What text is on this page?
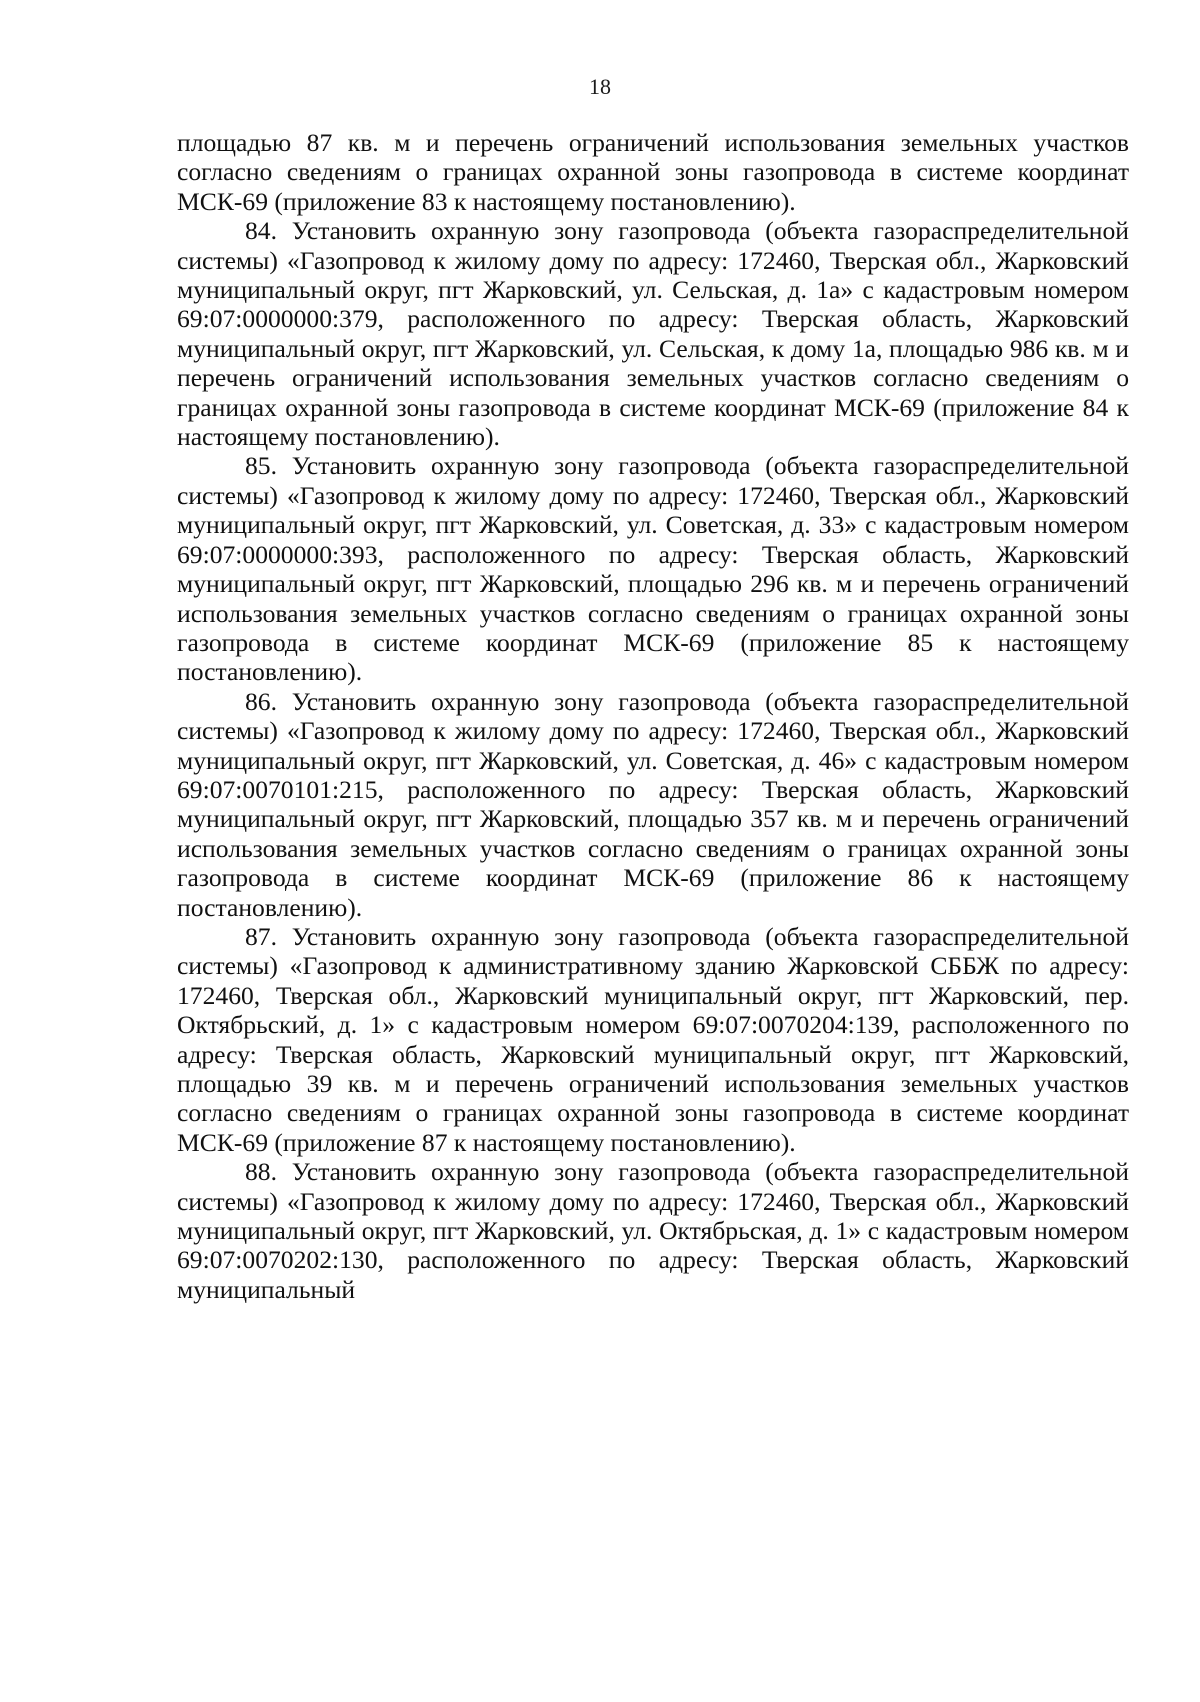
18

площадью 87 кв. м и перечень ограничений использования земельных участков согласно сведениям о границах охранной зоны газопровода в системе координат МСК-69 (приложение 83 к настоящему постановлению).

84. Установить охранную зону газопровода (объекта газораспределительной системы) «Газопровод к жилому дому по адресу: 172460, Тверская обл., Жарковский муниципальный округ, пгт Жарковский, ул. Сельская, д. 1а» с кадастровым номером 69:07:0000000:379, расположенного по адресу: Тверская область, Жарковский муниципальный округ, пгт Жарковский, ул. Сельская, к дому 1а, площадью 986 кв. м и перечень ограничений использования земельных участков согласно сведениям о границах охранной зоны газопровода в системе координат МСК-69 (приложение 84 к настоящему постановлению).

85. Установить охранную зону газопровода (объекта газораспределительной системы) «Газопровод к жилому дому по адресу: 172460, Тверская обл., Жарковский муниципальный округ, пгт Жарковский, ул. Советская, д. 33» с кадастровым номером 69:07:0000000:393, расположенного по адресу: Тверская область, Жарковский муниципальный округ, пгт Жарковский, площадью 296 кв. м и перечень ограничений использования земельных участков согласно сведениям о границах охранной зоны газопровода в системе координат МСК-69 (приложение 85 к настоящему постановлению).

86. Установить охранную зону газопровода (объекта газораспределительной системы) «Газопровод к жилому дому по адресу: 172460, Тверская обл., Жарковский муниципальный округ, пгт Жарковский, ул. Советская, д. 46» с кадастровым номером 69:07:0070101:215, расположенного по адресу: Тверская область, Жарковский муниципальный округ, пгт Жарковский, площадью 357 кв. м и перечень ограничений использования земельных участков согласно сведениям о границах охранной зоны газопровода в системе координат МСК-69 (приложение 86 к настоящему постановлению).

87. Установить охранную зону газопровода (объекта газораспределительной системы) «Газопровод к административному зданию Жарковской СББЖ по адресу: 172460, Тверская обл., Жарковский муниципальный округ, пгт Жарковский, пер. Октябрьский, д. 1» с кадастровым номером 69:07:0070204:139, расположенного по адресу: Тверская область, Жарковский муниципальный округ, пгт Жарковский, площадью 39 кв. м и перечень ограничений использования земельных участков согласно сведениям о границах охранной зоны газопровода в системе координат МСК-69 (приложение 87 к настоящему постановлению).

88. Установить охранную зону газопровода (объекта газораспределительной системы) «Газопровод к жилому дому по адресу: 172460, Тверская обл., Жарковский муниципальный округ, пгт Жарковский, ул. Октябрьская, д. 1» с кадастровым номером 69:07:0070202:130, расположенного по адресу: Тверская область, Жарковский муниципальный
